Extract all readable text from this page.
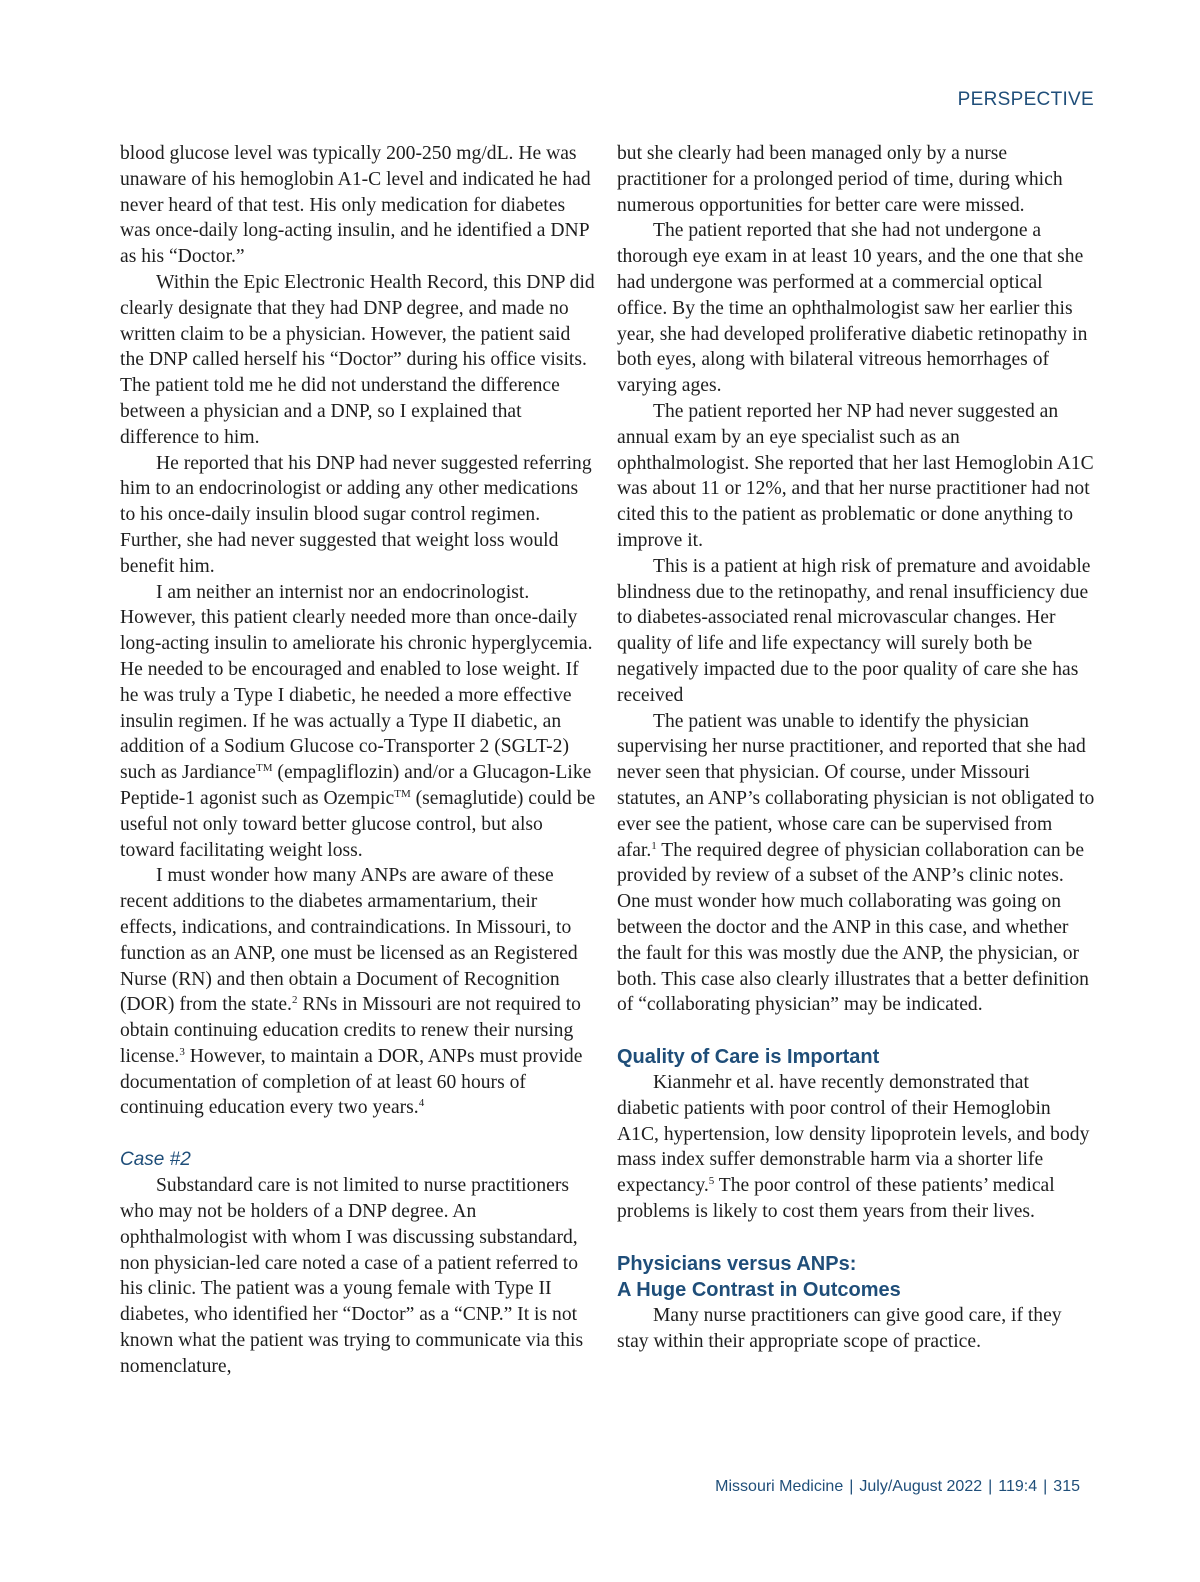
PERSPECTIVE

blood glucose level was typically 200-250 mg/dL. He was unaware of his hemoglobin A1-C level and indicated he had never heard of that test. His only medication for diabetes was once-daily long-acting insulin, and he identified a DNP as his “Doctor.”

Within the Epic Electronic Health Record, this DNP did clearly designate that they had DNP degree, and made no written claim to be a physician. However, the patient said the DNP called herself his “Doctor” during his office visits. The patient told me he did not understand the difference between a physician and a DNP, so I explained that difference to him.

He reported that his DNP had never suggested referring him to an endocrinologist or adding any other medications to his once-daily insulin blood sugar control regimen. Further, she had never suggested that weight loss would benefit him.

I am neither an internist nor an endocrinologist. However, this patient clearly needed more than once-daily long-acting insulin to ameliorate his chronic hyperglycemia. He needed to be encouraged and enabled to lose weight. If he was truly a Type I diabetic, he needed a more effective insulin regimen. If he was actually a Type II diabetic, an addition of a Sodium Glucose co-Transporter 2 (SGLT-2) such as Jardiance™ (empagliflozin) and/or a Glucagon-Like Peptide-1 agonist such as Ozempic™ (semaglutide) could be useful not only toward better glucose control, but also toward facilitating weight loss.

I must wonder how many ANPs are aware of these recent additions to the diabetes armamentarium, their effects, indications, and contraindications. In Missouri, to function as an ANP, one must be licensed as an Registered Nurse (RN) and then obtain a Document of Recognition (DOR) from the state.$^2$ RNs in Missouri are not required to obtain continuing education credits to renew their nursing license.$^3$ However, to maintain a DOR, ANPs must provide documentation of completion of at least 60 hours of continuing education every two years.$^4$

Case #2

Substandard care is not limited to nurse practitioners who may not be holders of a DNP degree. An ophthalmologist with whom I was discussing substandard, non physician-led care noted a case of a patient referred to his clinic. The patient was a young female with Type II diabetes, who identified her “Doctor” as a “CNP.” It is not known what the patient was trying to communicate via this nomenclature,

but she clearly had been managed only by a nurse practitioner for a prolonged period of time, during which numerous opportunities for better care were missed.

The patient reported that she had not undergone a thorough eye exam in at least 10 years, and the one that she had undergone was performed at a commercial optical office. By the time an ophthalmologist saw her earlier this year, she had developed proliferative diabetic retinopathy in both eyes, along with bilateral vitreous hemorrhages of varying ages.

The patient reported her NP had never suggested an annual exam by an eye specialist such as an ophthalmologist. She reported that her last Hemoglobin A1C was about 11 or 12%, and that her nurse practitioner had not cited this to the patient as problematic or done anything to improve it.

This is a patient at high risk of premature and avoidable blindness due to the retinopathy, and renal insufficiency due to diabetes-associated renal microvascular changes. Her quality of life and life expectancy will surely both be negatively impacted due to the poor quality of care she has received

The patient was unable to identify the physician supervising her nurse practitioner, and reported that she had never seen that physician. Of course, under Missouri statutes, an ANP’s collaborating physician is not obligated to ever see the patient, whose care can be supervised from afar.$^1$ The required degree of physician collaboration can be provided by review of a subset of the ANP’s clinic notes. One must wonder how much collaborating was going on between the doctor and the ANP in this case, and whether the fault for this was mostly due the ANP, the physician, or both. This case also clearly illustrates that a better definition of “collaborating physician” may be indicated.

Quality of Care is Important

Kianmehr et al. have recently demonstrated that diabetic patients with poor control of their Hemoglobin A1C, hypertension, low density lipoprotein levels, and body mass index suffer demonstrable harm via a shorter life expectancy.$^5$ The poor control of these patients’ medical problems is likely to cost them years from their lives.

Physicians versus ANPs:
A Huge Contrast in Outcomes

Many nurse practitioners can give good care, if they stay within their appropriate scope of practice.

Missouri Medicine | July/August 2022 | 119:4 | 315
